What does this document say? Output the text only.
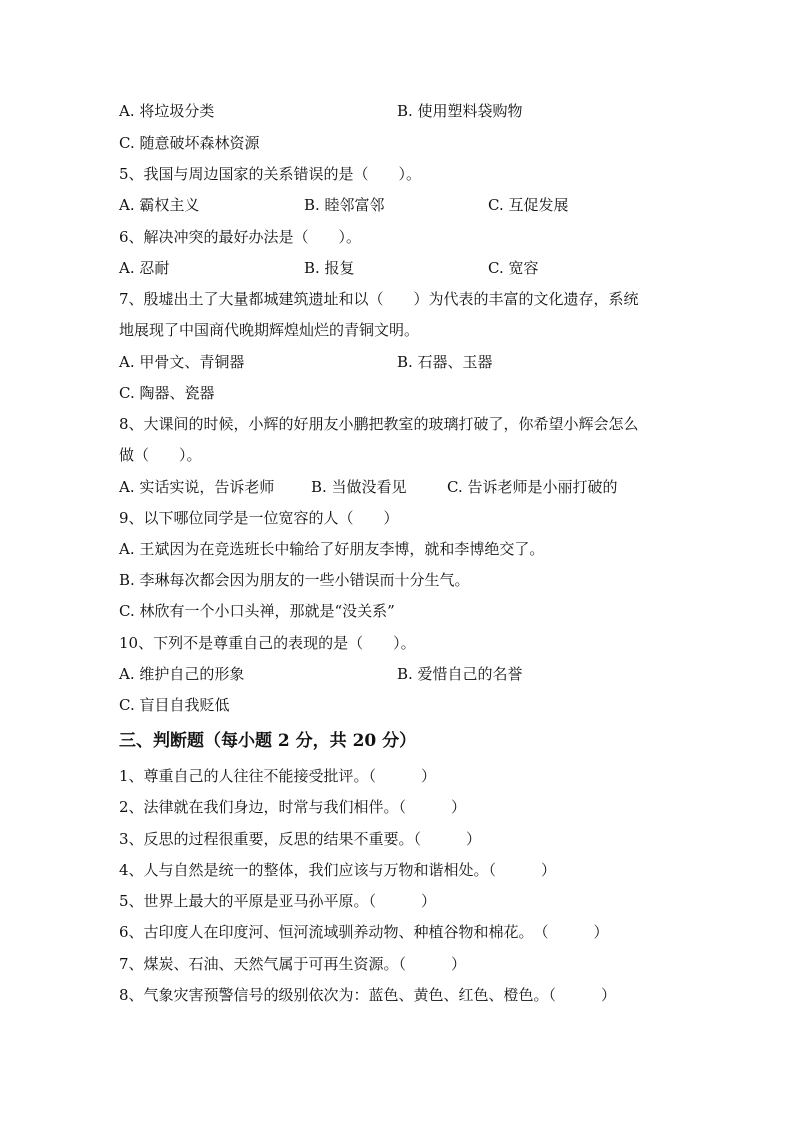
A. 将垃圾分类	B. 使用塑料袋购物
C. 随意破坏森林资源
5、我国与周边国家的关系错误的是（　　）。
A. 霸权主义	B. 睦邻富邻	C. 互促发展
6、解决冲突的最好办法是（　　）。
A. 忍耐	B. 报复	C. 宽容
7、殷墟出土了大量都城建筑遗址和以（　　）为代表的丰富的文化遗存，系统
地展现了中国商代晚期辉煌灿烂的青铜文明。
A. 甲骨文、青铜器	B. 石器、玉器
C. 陶器、瓷器
8、大课间的时候，小辉的好朋友小鹏把教室的玻璃打破了，你希望小辉会怎么
做（　　）。
A. 实话实说，告诉老师 B. 当做没看见	C. 告诉老师是小丽打破的
9、以下哪位同学是一位宽容的人（　　）
A. 王斌因为在竞选班长中输给了好朋友李博，就和李博绝交了。
B. 李琳每次都会因为朋友的一些小错误而十分生气。
C. 林欣有一个小口头禅，那就是“没关系”
10、下列不是尊重自己的表现的是（　　）。
A. 维护自己的形象	B. 爱惜自己的名誉
C. 盲目自我贬低
三、判断题（每小题 2 分，共 20 分）
1、尊重自己的人往往不能接受批评。（　　　）
2、法律就在我们身边，时常与我们相伴。（　　　）
3、反思的过程很重要，反思的结果不重要。（　　　）
4、人与自然是统一的整体，我们应该与万物和谐相处。（　　　）
5、世界上最大的平原是亚马孙平原。（　　　）
6、古印度人在印度河、恒河流域驯养动物、种植谷物和棉花。　（　　　）
7、煤炭、石油、天然气属于可再生资源。（　　　）
8、气象灾害预警信号的级别依次为：蓝色、黄色、红色、橙色。（　　　）
